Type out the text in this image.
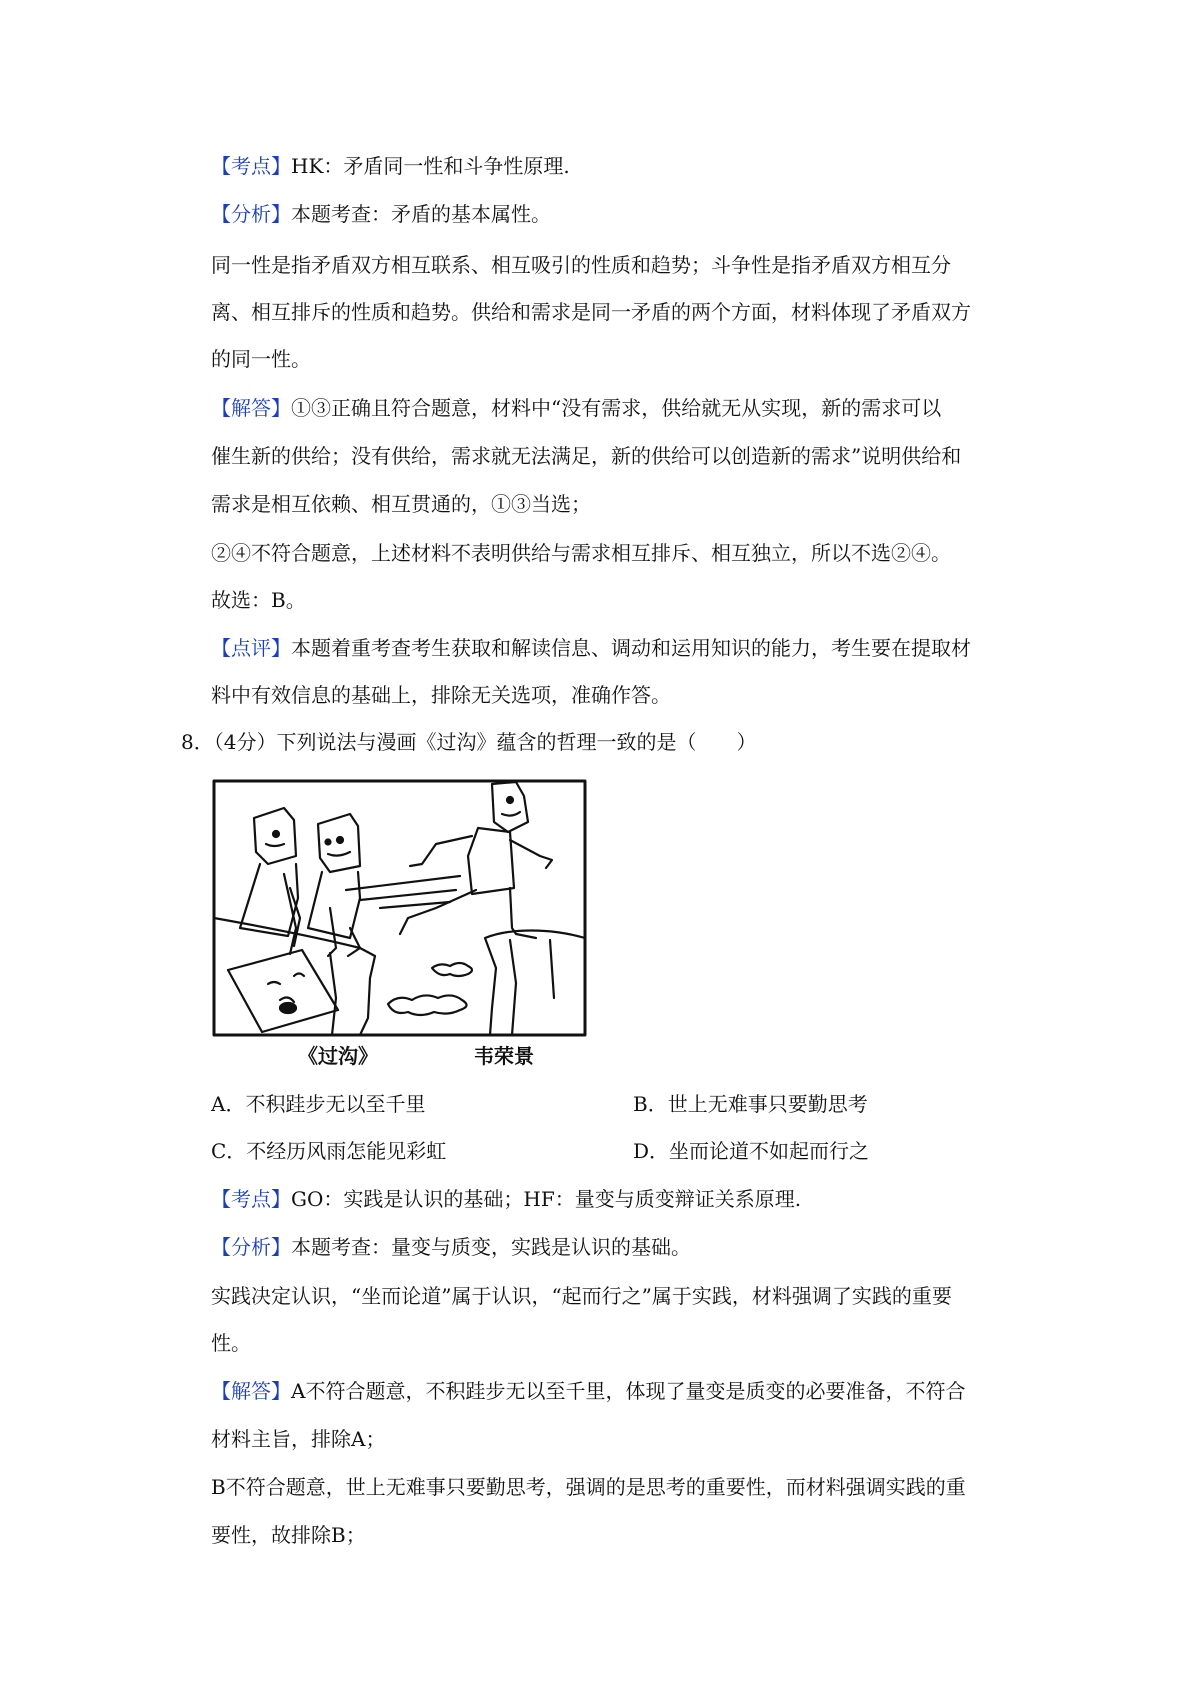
【考点】HK：矛盾同一性和斗争性原理.
【分析】本题考查：矛盾的基本属性。
同一性是指矛盾双方相互联系、相互吸引的性质和趋势；斗争性是指矛盾双方相互分
离、相互排斥的性质和趋势。供给和需求是同一矛盾的两个方面，材料体现了矛盾双方
的同一性。
【解答】①③正确且符合题意，材料中“没有需求，供给就无从实现，新的需求可以
催生新的供给；没有供给，需求就无法满足，新的供给可以创造新的需求”说明供给和
需求是相互依赖、相互贯通的，①③当选；
②④不符合题意，上述材料不表明供给与需求相互排斥、相互独立，所以不选②④。
故选：B。
【点评】本题着重考查考生获取和解读信息、调动和运用知识的能力，考生要在提取材
料中有效信息的基础上，排除无关选项，准确作答。
8．（4分）下列说法与漫画《过沟》蕴含的哲理一致的是（　　）
《过沟》	韦荣景
A．不积跬步无以至千里	B．世上无难事只要勤思考
C．不经历风雨怎能见彩虹	D．坐而论道不如起而行之
【考点】GO：实践是认识的基础；HF：量变与质变辩证关系原理.
【分析】本题考查：量变与质变，实践是认识的基础。
实践决定认识，“坐而论道”属于认识，“起而行之”属于实践，材料强调了实践的重要
性。
【解答】A不符合题意，不积跬步无以至千里，体现了量变是质变的必要准备，不符合
材料主旨，排除A；
B不符合题意，世上无难事只要勤思考，强调的是思考的重要性，而材料强调实践的重
要性，故排除B；
